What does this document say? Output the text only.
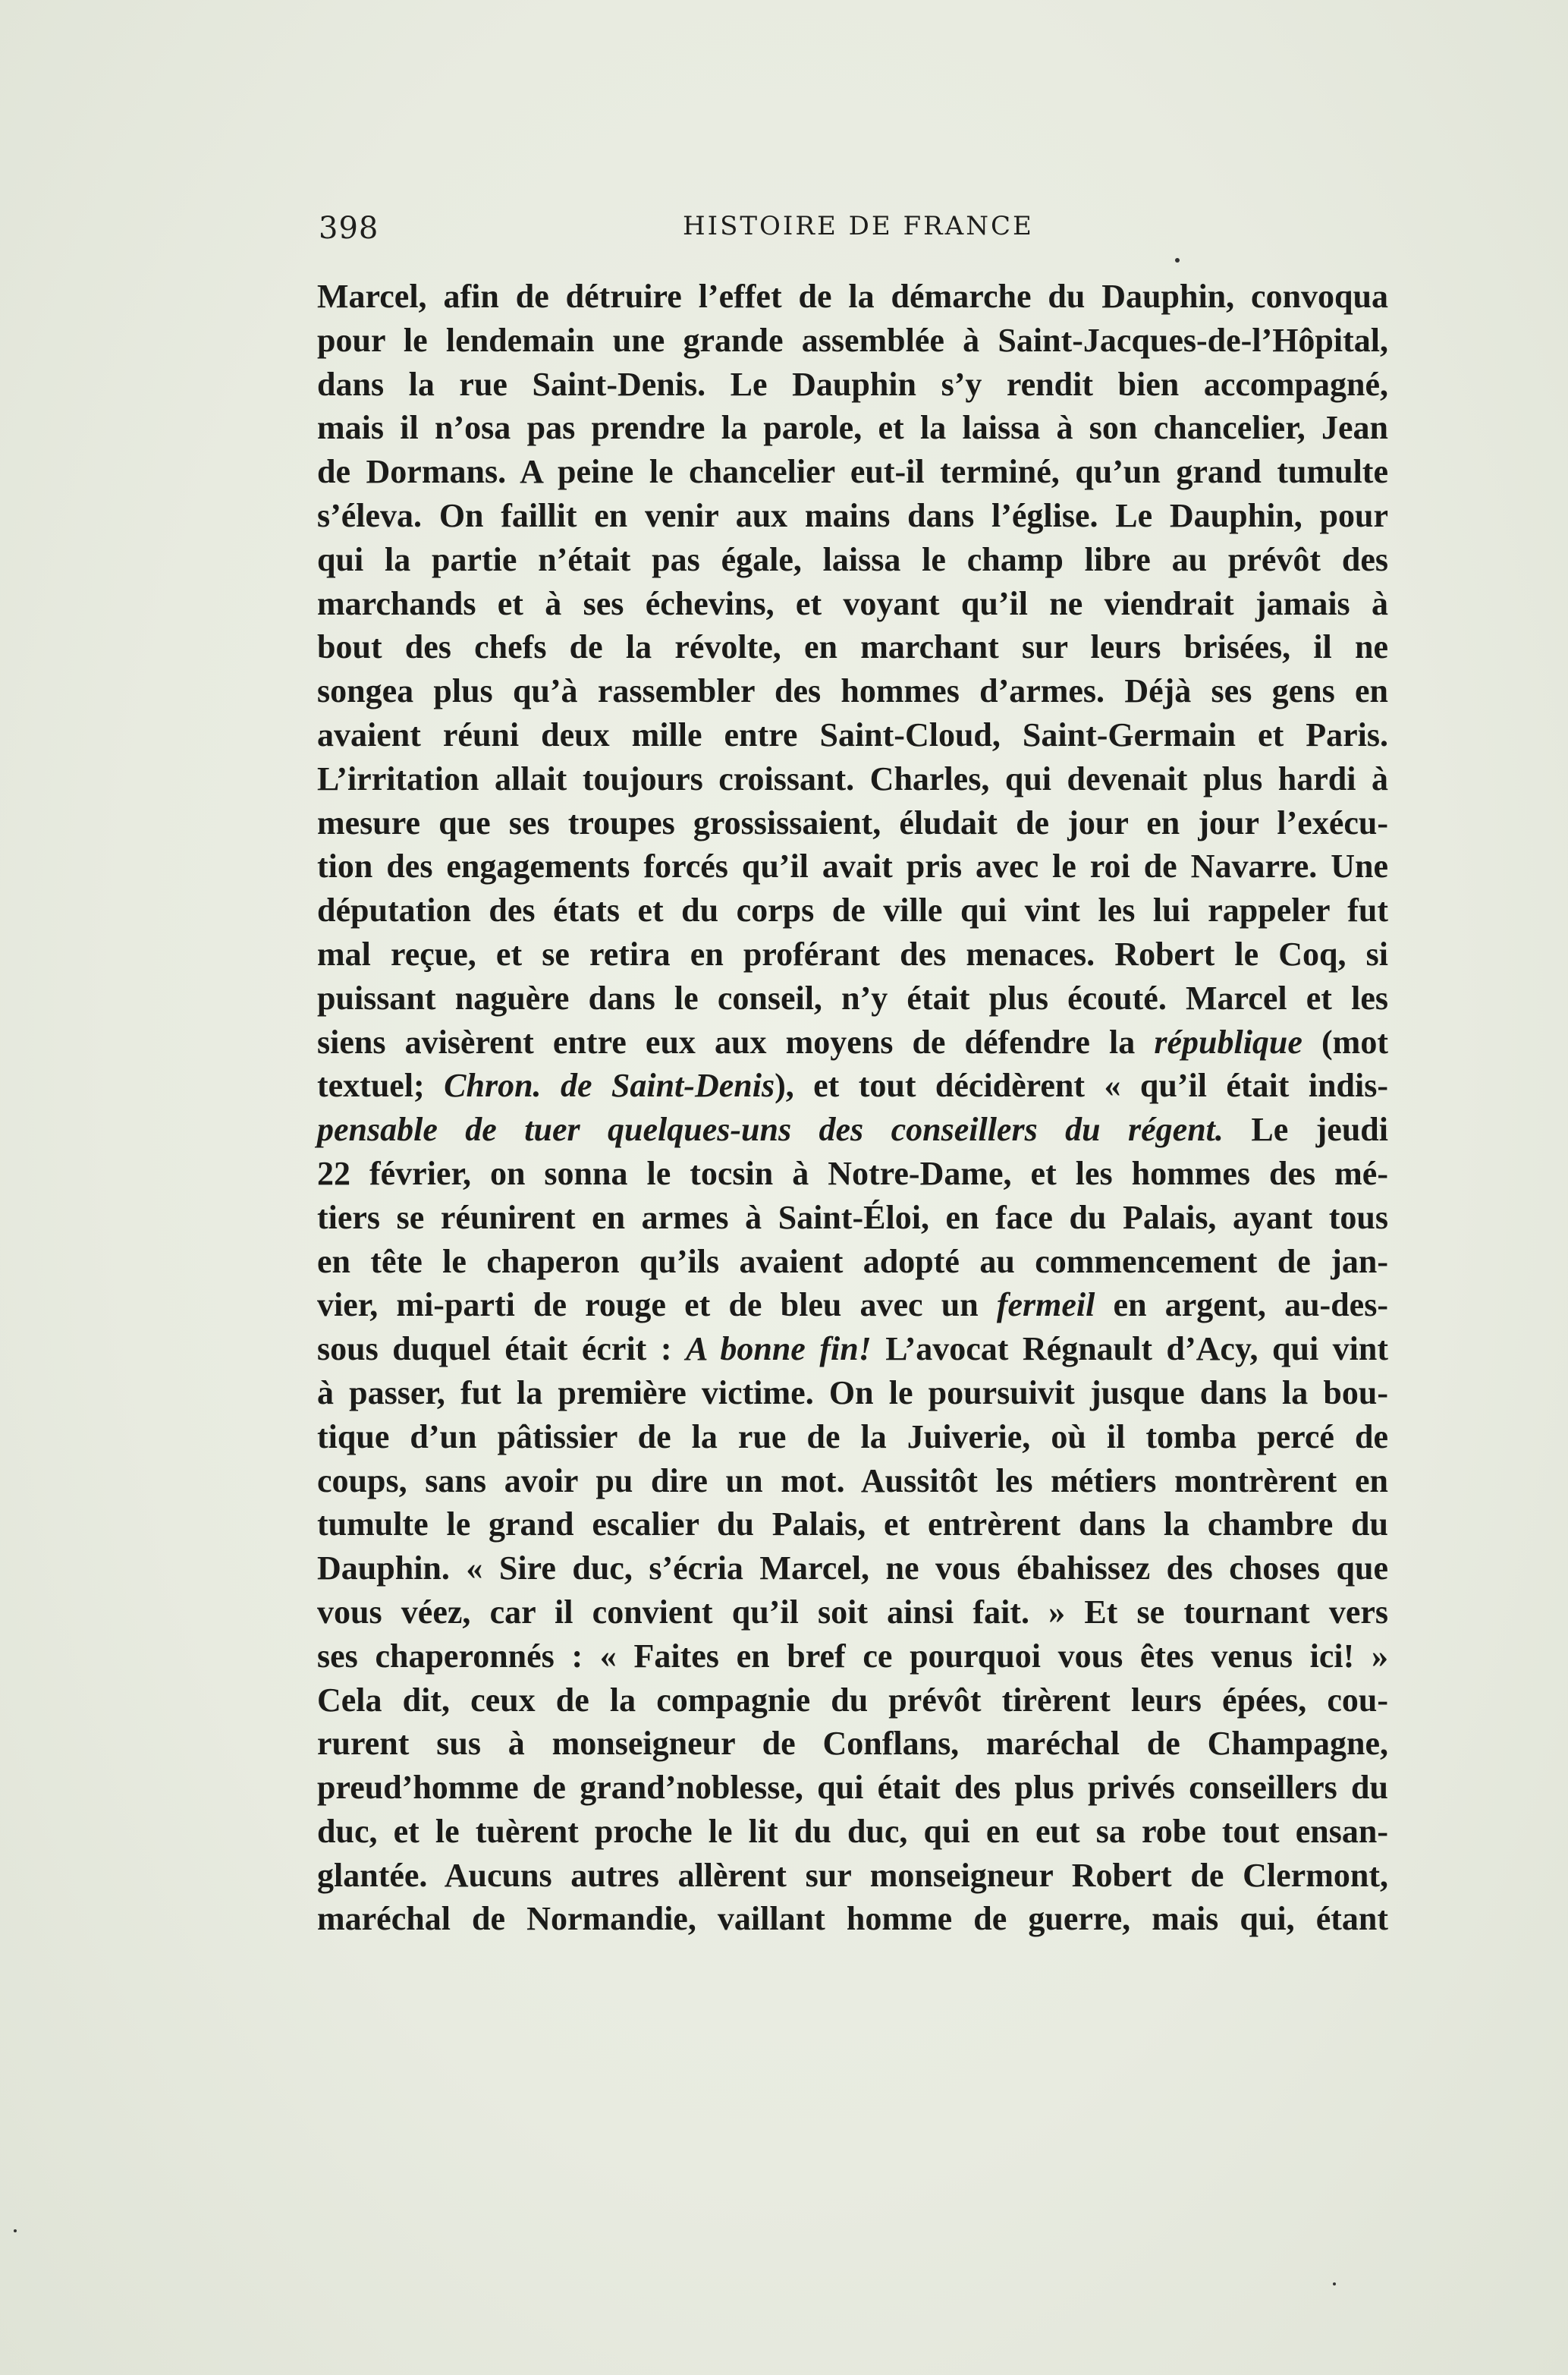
398	HISTOIRE DE FRANCE
Marcel, afin de détruire l’effet de la démarche du Dauphin, convoqua
pour le lendemain une grande assemblée à Saint-Jacques-de-l’Hôpital,
dans la rue Saint-Denis. Le Dauphin s’y rendit bien accompagné,
mais il n’osa pas prendre la parole, et la laissa à son chancelier, Jean
de Dormans. A peine le chancelier eut-il terminé, qu’un grand tumulte
s’éleva. On faillit en venir aux mains dans l’église. Le Dauphin, pour
qui la partie n’était pas égale, laissa le champ libre au prévôt des
marchands et à ses échevins, et voyant qu’il ne viendrait jamais à
bout des chefs de la révolte, en marchant sur leurs brisées, il ne
songea plus qu’à rassembler des hommes d’armes. Déjà ses gens en
avaient réuni deux mille entre Saint-Cloud, Saint-Germain et Paris.
L’irritation allait toujours croissant. Charles, qui devenait plus hardi à
mesure que ses troupes grossissaient, éludait de jour en jour l’exécu-
tion des engagements forcés qu’il avait pris avec le roi de Navarre. Une
députation des états et du corps de ville qui vint les lui rappeler fut
mal reçue, et se retira en proférant des menaces. Robert le Coq, si
puissant naguère dans le conseil, n’y était plus écouté. Marcel et les
siens avisèrent entre eux aux moyens de défendre la république (mot
textuel; Chron. de Saint-Denis), et tout décidèrent « qu’il était indis-
pensable de tuer quelques-uns des conseillers du régent. Le jeudi
22 février, on sonna le tocsin à Notre-Dame, et les hommes des mé-
tiers se réunirent en armes à Saint-Éloi, en face du Palais, ayant tous
en tête le chaperon qu’ils avaient adopté au commencement de jan-
vier, mi-parti de rouge et de bleu avec un fermeil en argent, au-des-
sous duquel était écrit : A bonne fin! L’avocat Régnault d’Acy, qui vint
à passer, fut la première victime. On le poursuivit jusque dans la bou-
tique d’un pâtissier de la rue de la Juiverie, où il tomba percé de
coups, sans avoir pu dire un mot. Aussitôt les métiers montrèrent en
tumulte le grand escalier du Palais, et entrèrent dans la chambre du
Dauphin. « Sire duc, s’écria Marcel, ne vous ébahissez des choses que
vous véez, car il convient qu’il soit ainsi fait. » Et se tournant vers
ses chaperonnés : « Faites en bref ce pourquoi vous êtes venus ici! »
Cela dit, ceux de la compagnie du prévôt tirèrent leurs épées, cou-
rurent sus à monseigneur de Conflans, maréchal de Champagne,
preud’homme de grand’noblesse, qui était des plus privés conseillers du
duc, et le tuèrent proche le lit du duc, qui en eut sa robe tout ensan-
glantée. Aucuns autres allèrent sur monseigneur Robert de Clermont,
maréchal de Normandie, vaillant homme de guerre, mais qui, étant
